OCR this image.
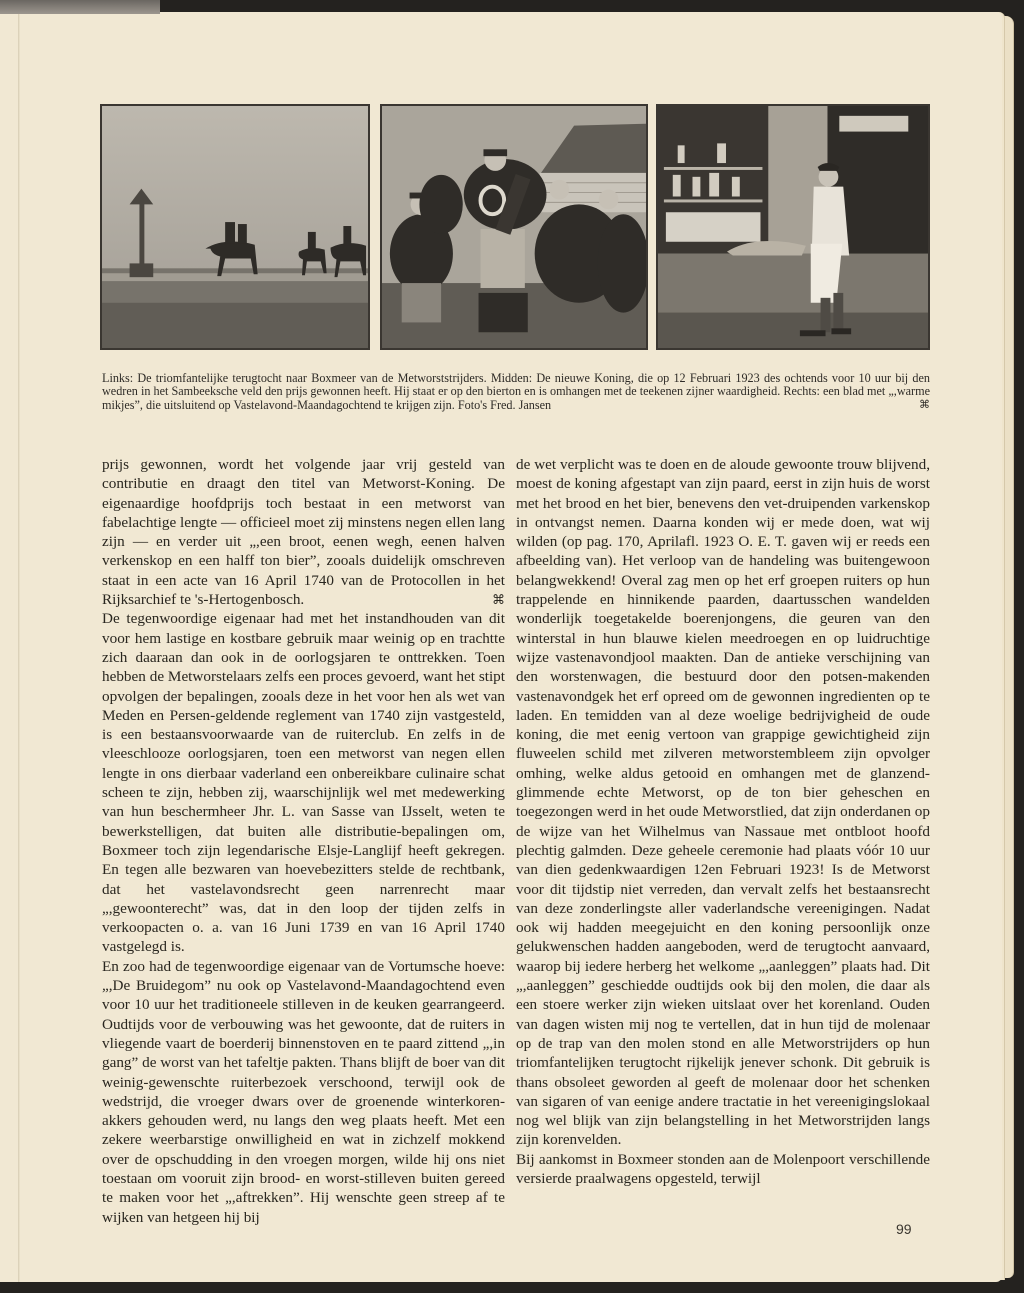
Links: De triomfantelijke terugtocht naar Boxmeer van de Metworststrijders. Midden: De nieuwe Koning, die op 12 Februari 1923 des ochtends voor 10 uur bij den wedren in het Sambeeksche veld den prijs gewonnen heeft. Hij staat er op den bierton en is omhangen met de teekenen zijner waardigheid. Rechts: een blad met „,warme mikjes”, die uitsluitend op Vastelavond-Maandagochtend te krijgen zijn. Foto's Fred. Jansen	⌘

prijs gewonnen, wordt het volgende jaar vrij gesteld van contributie en draagt den titel van Metworst-Koning. De eigenaardige hoofdprijs toch bestaat in een metworst van fabelachtige lengte — officieel moet zij minstens negen ellen lang zijn — en verder uit „,een broot, eenen wegh, eenen halven verkenskop en een halff ton bier”, zooals duidelijk omschreven staat in een acte van 16 April 1740 van de Protocollen in het Rijksarchief te 's-Hertogenbosch.	⌘

De tegenwoordige eigenaar had met het instandhouden van dit voor hem lastige en kostbare gebruik maar weinig op en trachtte zich daaraan dan ook in de oorlogsjaren te onttrekken. Toen hebben de Metworstelaars zelfs een proces gevoerd, want het stipt opvolgen der bepalingen, zooals deze in het voor hen als wet van Meden en Persen-geldende reglement van 1740 zijn vastgesteld, is een bestaansvoorwaarde van de ruiterclub. En zelfs in de vleeschlooze oorlogsjaren, toen een metworst van negen ellen lengte in ons dierbaar vaderland een onbereikbare culinaire schat scheen te zijn, hebben zij, waarschijnlijk wel met medewerking van hun beschermheer Jhr. L. van Sasse van IJsselt, weten te bewerkstelligen, dat buiten alle distributie-bepalingen om, Boxmeer toch zijn legendarische Elsje-Langlijf heeft gekregen. En tegen alle bezwaren van hoevebezitters stelde de rechtbank, dat het vastelavondsrecht geen narrenrecht maar „,gewoonterecht” was, dat in den loop der tijden zelfs in verkoopacten o. a. van 16 Juni 1739 en van 16 April 1740 vastgelegd is.

En zoo had de tegenwoordige eigenaar van de Vortumsche hoeve: „,De Bruidegom” nu ook op Vastelavond-Maandagochtend even voor 10 uur het traditioneele stilleven in de keuken gearrangeerd. Oudtijds voor de verbouwing was het gewoonte, dat de ruiters in vliegende vaart de boerderij binnenstoven en te paard zittend „,in gang” de worst van het tafeltje pakten. Thans blijft de boer van dit weinig-gewenschte ruiterbezoek verschoond, terwijl ook de wedstrijd, die vroeger dwars over de groenende winterkoren-akkers gehouden werd, nu langs den weg plaats heeft. Met een zekere weerbarstige onwilligheid en wat in zichzelf mokkend over de opschudding in den vroegen morgen, wilde hij ons niet toestaan om vooruit zijn brood- en worst-stilleven buiten gereed te maken voor het „,aftrekken”. Hij wenschte geen streep af te wijken van hetgeen hij bij

de wet verplicht was te doen en de aloude gewoonte trouw blijvend, moest de koning afgestapt van zijn paard, eerst in zijn huis de worst met het brood en het bier, benevens den vet-druipenden varkenskop in ontvangst nemen. Daarna konden wij er mede doen, wat wij wilden (op pag. 170, Aprilafl. 1923 O. E. T. gaven wij er reeds een afbeelding van). Het verloop van de handeling was buitengewoon belangwekkend! Overal zag men op het erf groepen ruiters op hun trappelende en hinnikende paarden, daartusschen wandelden wonderlijk toegetakelde boerenjongens, die geuren van den winterstal in hun blauwe kielen meedroegen en op luidruchtige wijze vastenavondjool maakten. Dan de antieke verschijning van den worstenwagen, die bestuurd door den potsen-makenden vastenavondgek het erf opreed om de gewonnen ingredienten op te laden. En temidden van al deze woelige bedrijvigheid de oude koning, die met eenig vertoon van grappige gewichtigheid zijn fluweelen schild met zilveren metworstembleem zijn opvolger omhing, welke aldus getooid en omhangen met de glanzend-glimmende echte Metworst, op de ton bier geheschen en toegezongen werd in het oude Metworstlied, dat zijn onderdanen op de wijze van het Wilhelmus van Nassaue met ontbloot hoofd plechtig galmden. Deze geheele ceremonie had plaats vóór 10 uur van dien gedenkwaardigen 12en Februari 1923! Is de Metworst voor dit tijdstip niet verreden, dan vervalt zelfs het bestaansrecht van deze zonderlingste aller vaderlandsche vereenigingen. Nadat ook wij hadden meegejuicht en den koning persoonlijk onze gelukwenschen hadden aangeboden, werd de terugtocht aanvaard, waarop bij iedere herberg het welkome „,aanleggen” plaats had. Dit „,aanleggen” geschiedde oudtijds ook bij den molen, die daar als een stoere werker zijn wieken uitslaat over het korenland. Ouden van dagen wisten mij nog te vertellen, dat in hun tijd de molenaar op de trap van den molen stond en alle Metworstrijders op hun triomfantelijken terugtocht rijkelijk jenever schonk. Dit gebruik is thans obsoleet geworden al geeft de molenaar door het schenken van sigaren of van eenige andere tractatie in het vereenigingslokaal nog wel blijk van zijn belangstelling in het Metworstrijden langs zijn korenvelden.

Bij aankomst in Boxmeer stonden aan de Molenpoort verschillende versierde praalwagens opgesteld, terwijl

99
